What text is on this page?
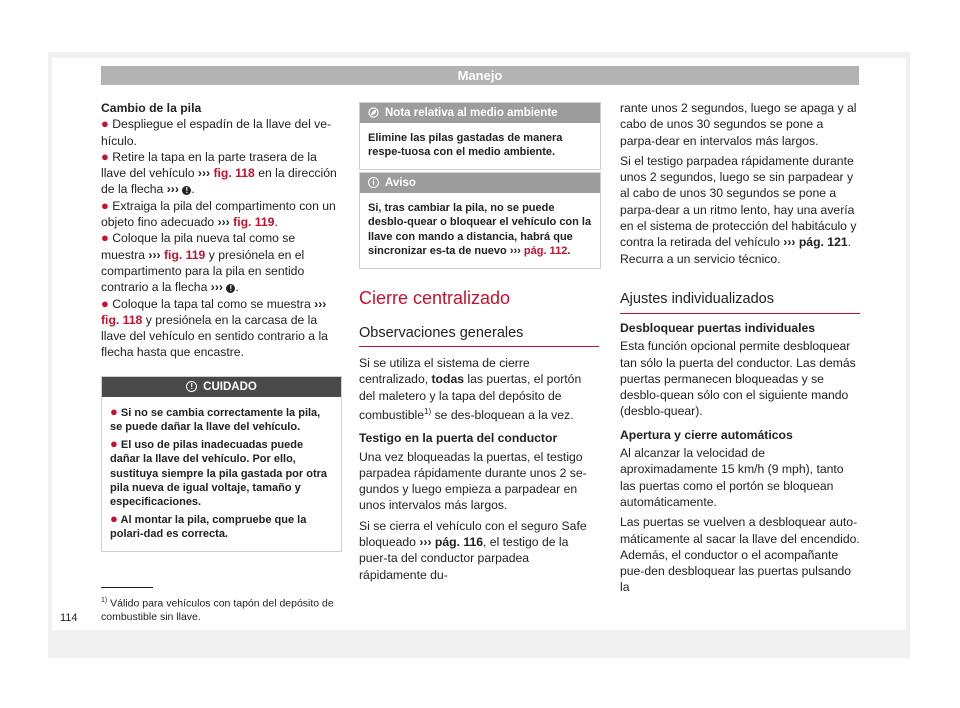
Manejo

Cambio de la pila

● Despliegue el espadín de la llave del ve-hículo.

● Retire la tapa en la parte trasera de la llave del vehículo ››› fig. 118 en la dirección de la flecha ››› ! .

● Extraiga la pila del compartimento con un objeto fino adecuado ››› fig. 119.

● Coloque la pila nueva tal como se muestra ››› fig. 119 y presiónela en el compartimento para la pila en sentido contrario a la flecha ››› ! .

● Coloque la tapa tal como se muestra ››› fig. 118 y presiónela en la carcasa de la llave del vehículo en sentido contrario a la flecha hasta que encastre.

! CUIDADO

● Si no se cambia correctamente la pila, se puede dañar la llave del vehículo.

● El uso de pilas inadecuadas puede dañar la llave del vehículo. Por ello, sustituya siempre la pila gastada por otra pila nueva de igual voltaje, tamaño y especificaciones.

● Al montar la pila, compruebe que la polari-dad es correcta.

Nota relativa al medio ambiente
Elimine las pilas gastadas de manera respe-tuosa con el medio ambiente.
i Aviso
Si, tras cambiar la pila, no se puede desblo-quear o bloquear el vehículo con la llave con mando a distancia, habrá que sincronizar es-ta de nuevo ››› pág. 112.
Cierre centralizado
Observaciones generales

Si se utiliza el sistema de cierre centralizado, todas las puertas, el portón del maletero y la tapa del depósito de combustible$^{1)}$ se des-bloquean a la vez.

Testigo en la puerta del conductor

Una vez bloqueadas la puertas, el testigo parpadea rápidamente durante unos 2 se-gundos y luego empieza a parpadear en unos intervalos más largos.

Si se cierra el vehículo con el seguro Safe bloqueado ››› pág. 116, el testigo de la puer-ta del conductor parpadea rápidamente du-

rante unos 2 segundos, luego se apaga y al cabo de unos 30 segundos se pone a parpa-dear en intervalos más largos.

Si el testigo parpadea rápidamente durante unos 2 segundos, luego se sin parpadear y al cabo de unos 30 segundos se pone a parpa-dear a un ritmo lento, hay una avería en el sistema de protección del habitáculo y contra la retirada del vehículo ››› pág. 121. Recurra a un servicio técnico.

Ajustes individualizados

Desbloquear puertas individuales

Esta función opcional permite desbloquear tan sólo la puerta del conductor. Las demás puertas permanecen bloqueadas y se desblo-quean sólo con el siguiente mando (desblo-quear).

Apertura y cierre automáticos

Al alcanzar la velocidad de aproximadamente 15 km/h (9 mph), tanto las puertas como el portón se bloquean automáticamente.

Las puertas se vuelven a desbloquear auto-máticamente al sacar la llave del encendido. Además, el conductor o el acompañante pue-den desbloquear las puertas pulsando la

$^{1)}$ Válido para vehículos con tapón del depósito de combustible sin llave.
114
